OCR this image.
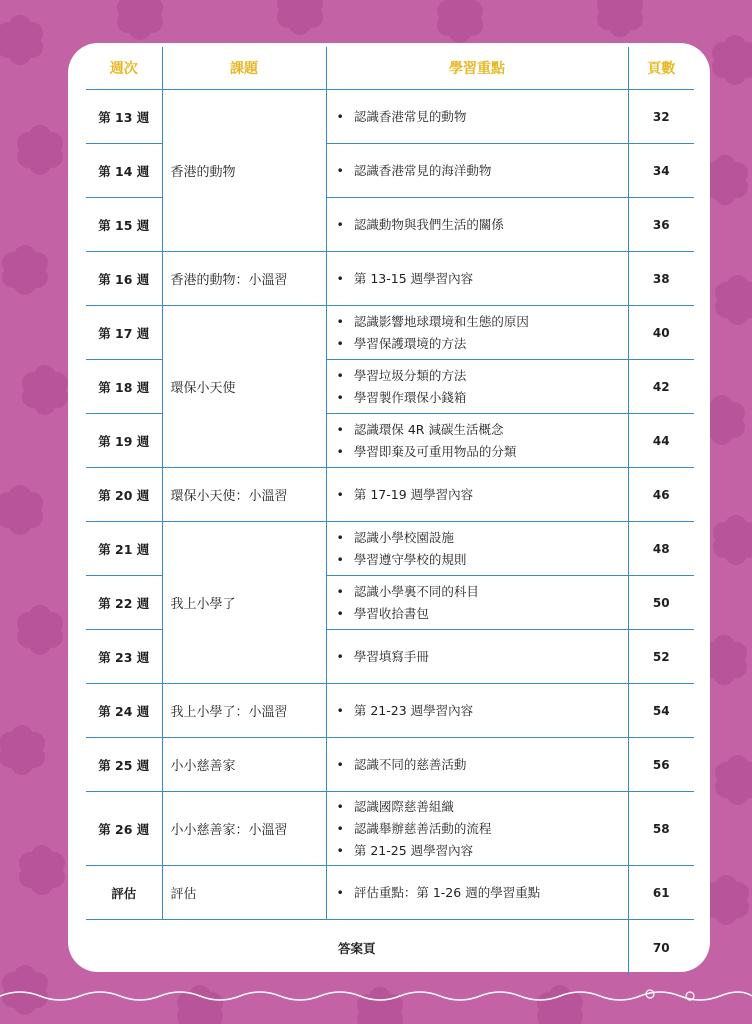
週次	課題	學習重點	頁數
第 13 週	香港的動物	• 認識香港常見的動物	32
第 14 週		• 認識香港常見的海洋動物	34
第 15 週		• 認識動物與我們生活的關係	36
第 16 週	香港的動物：小溫習	• 第 13-15 週學習內容	38
第 17 週	環保小天使	• 認識影響地球環境和生態的原因
• 學習保護環境的方法	40
第 18 週		• 學習垃圾分類的方法
• 學習製作環保小錢箱	42
第 19 週		• 認識環保 4R 減碳生活概念
• 學習即棄及可重用物品的分類	44
第 20 週	環保小天使：小溫習	• 第 17-19 週學習內容	46
第 21 週	我上小學了	• 認識小學校園設施
• 學習遵守學校的規則	48
第 22 週		• 認識小學裏不同的科目
• 學習收拾書包	50
第 23 週		• 學習填寫手冊	52
第 24 週	我上小學了：小溫習	• 第 21-23 週學習內容	54
第 25 週	小小慈善家	• 認識不同的慈善活動	56
第 26 週	小小慈善家：小溫習	• 認識國際慈善組織
• 認識舉辦慈善活動的流程
• 第 21-25 週學習內容	58
評估	評估	• 評估重點：第 1-26 週的學習重點	61
答案頁			70
